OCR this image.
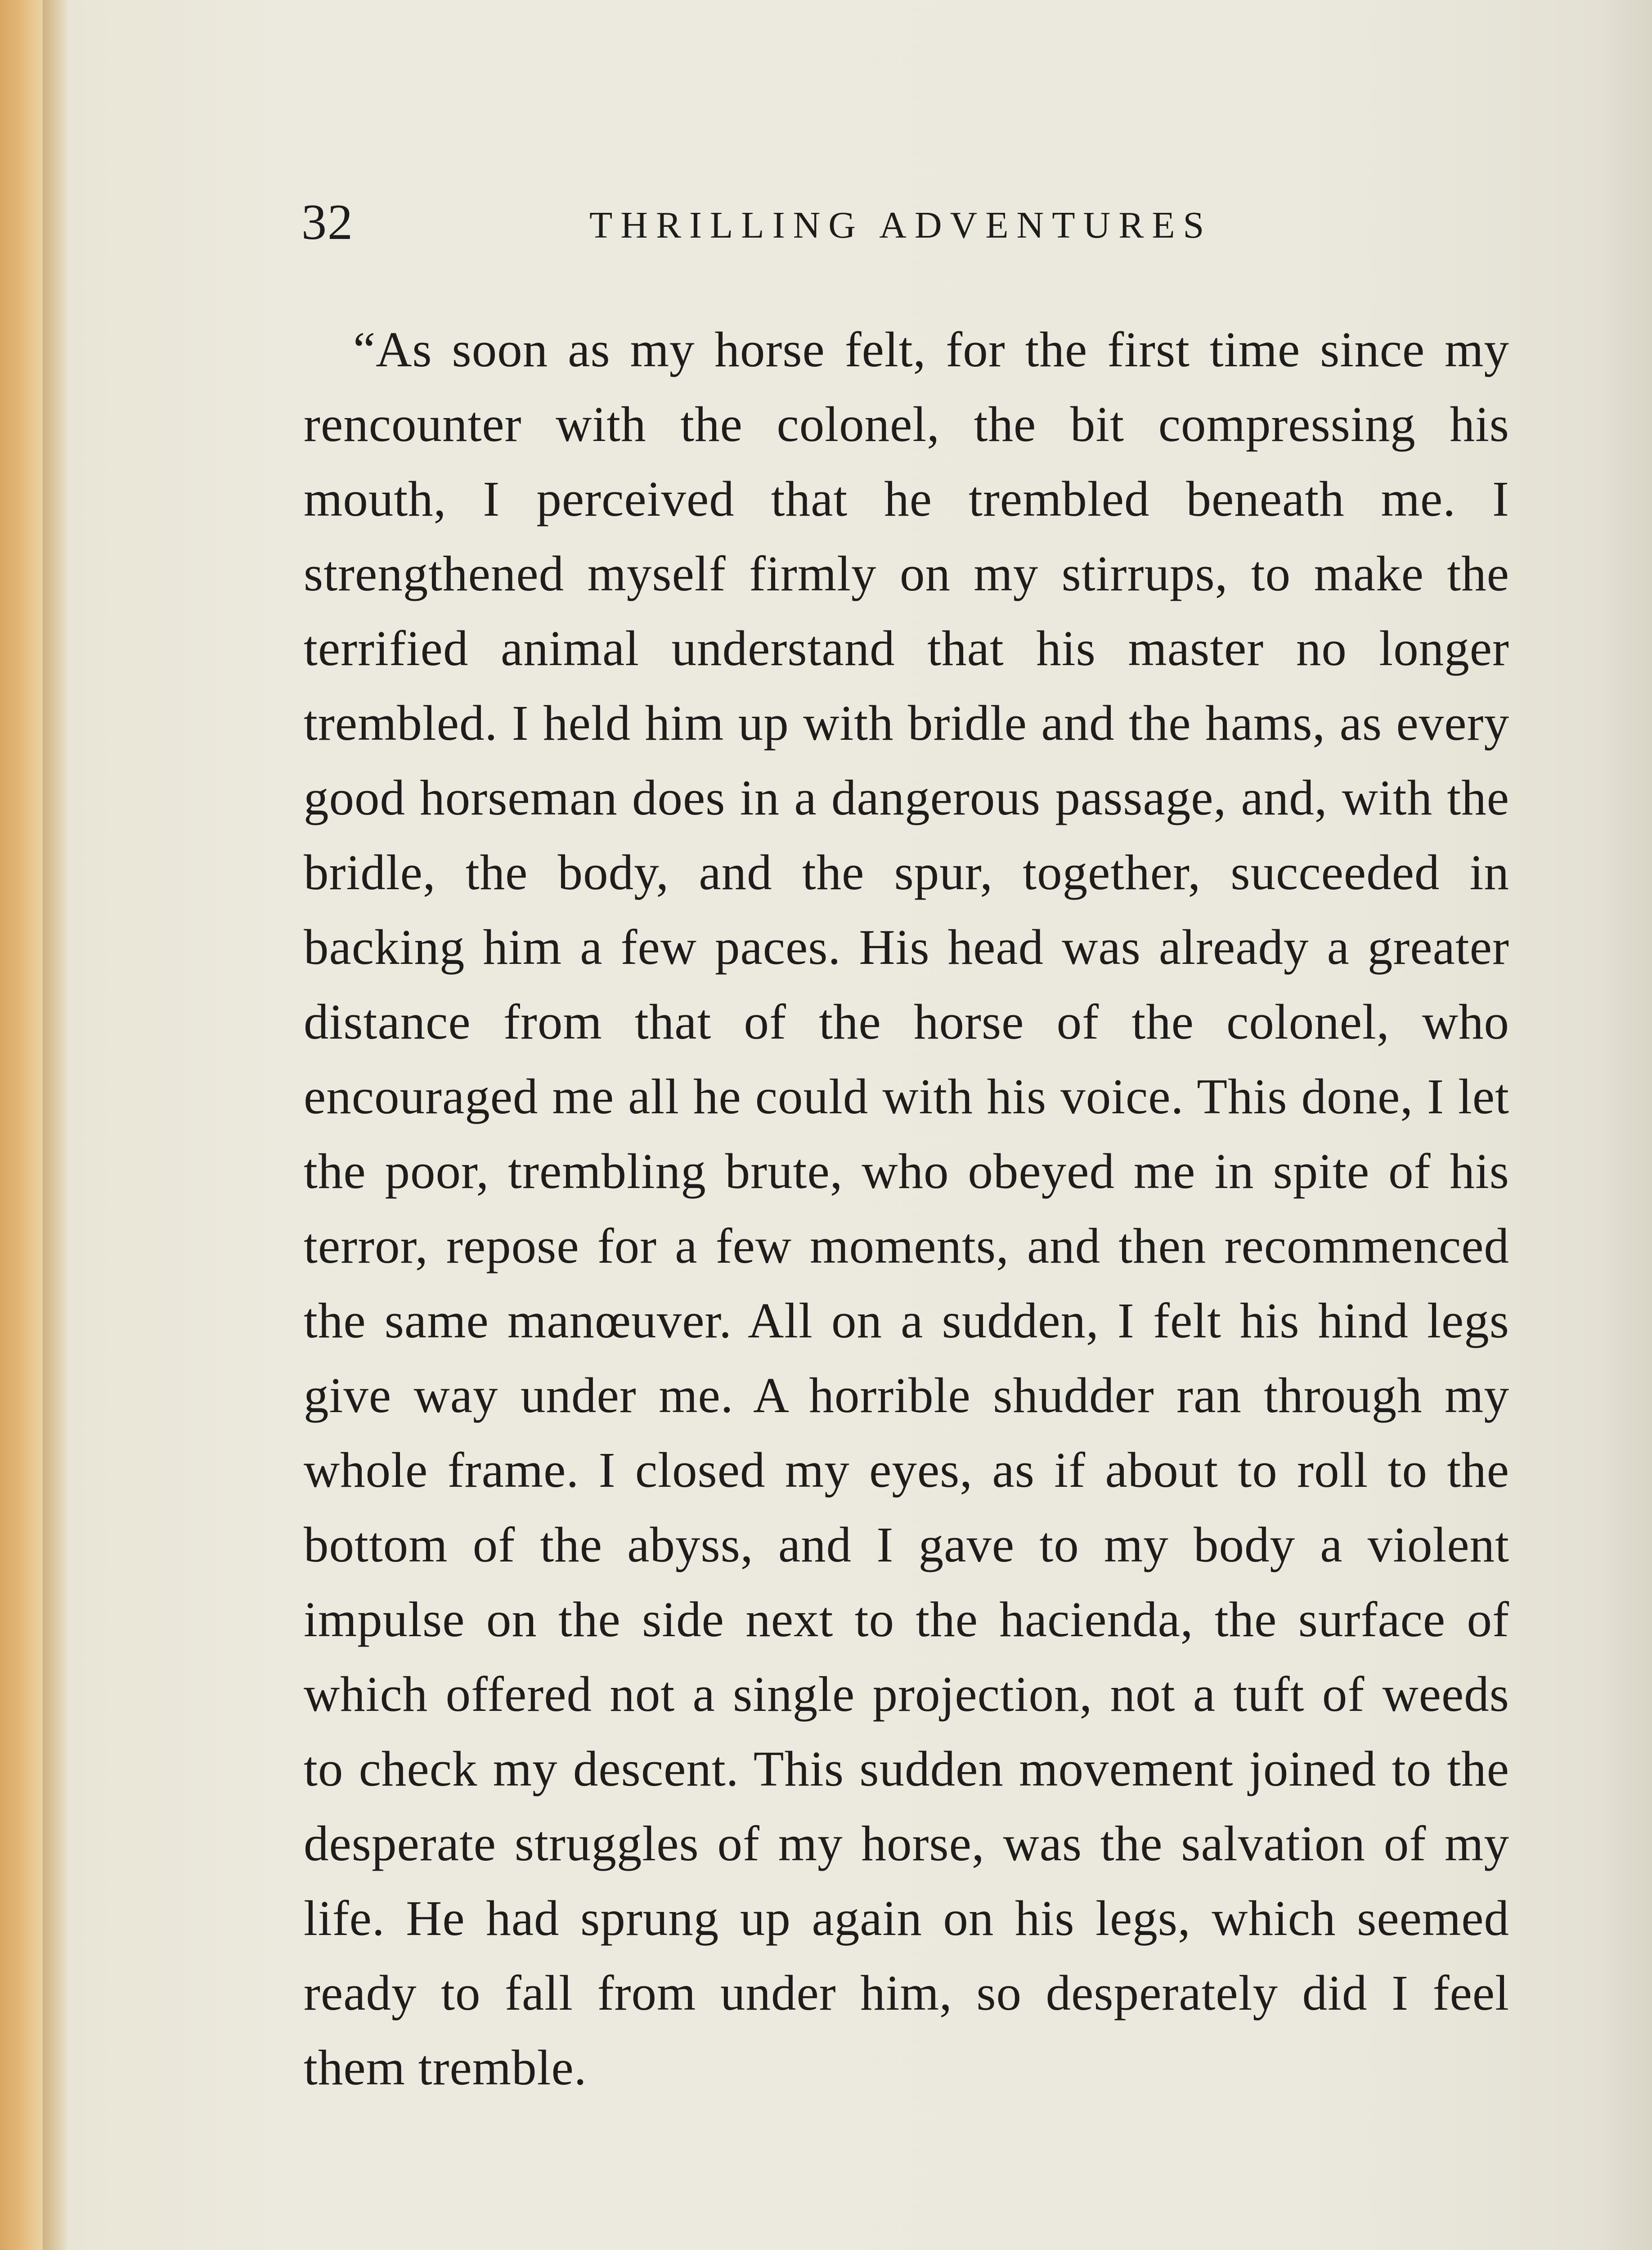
32	THRILLING ADVENTURES

“As soon as my horse felt, for the first time since my rencounter with the colonel, the bit compressing his mouth, I perceived that he trembled beneath me. I strengthened myself firmly on my stirrups, to make the terrified animal understand that his master no longer trembled. I held him up with bridle and the hams, as every good horseman does in a dangerous passage, and, with the bridle, the body, and the spur, together, succeeded in backing him a few paces. His head was already a greater distance from that of the horse of the colonel, who encouraged me all he could with his voice. This done, I let the poor, trembling brute, who obeyed me in spite of his terror, repose for a few moments, and then recommenced the same manœuver. All on a sudden, I felt his hind legs give way under me. A horrible shudder ran through my whole frame. I closed my eyes, as if about to roll to the bottom of the abyss, and I gave to my body a violent impulse on the side next to the hacienda, the surface of which offered not a single projection, not a tuft of weeds to check my descent. This sudden movement joined to the desperate struggles of my horse, was the salvation of my life. He had sprung up again on his legs, which seemed ready to fall from under him, so desperately did I feel them tremble.
